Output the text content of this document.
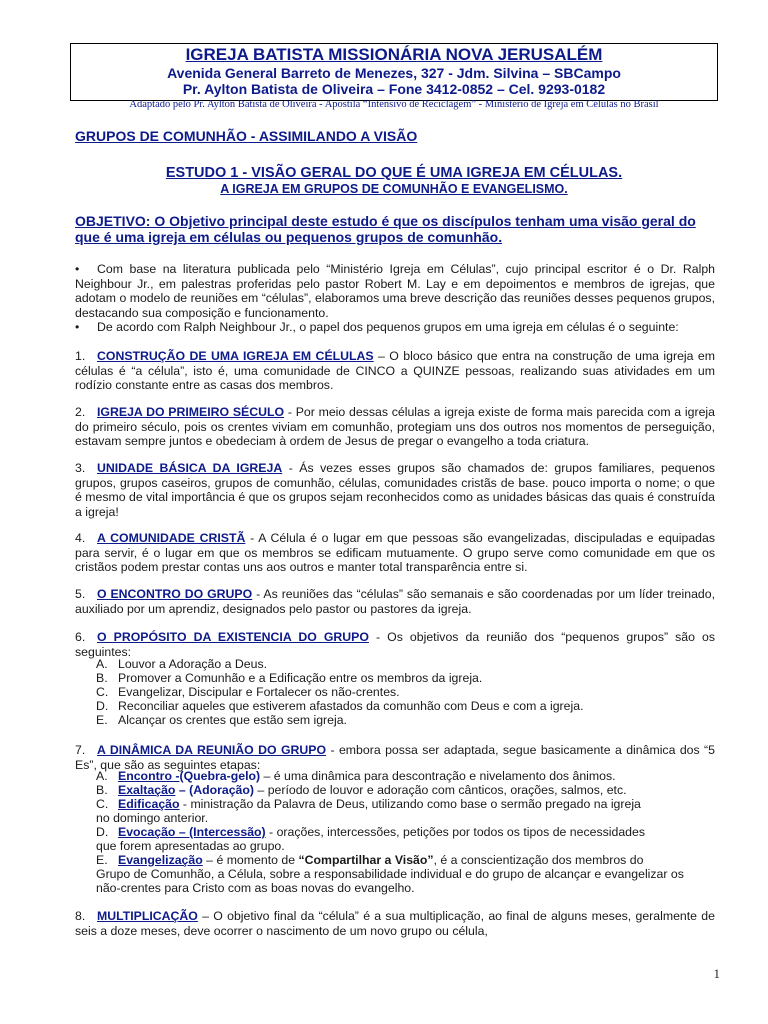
IGREJA BATISTA MISSIONÁRIA NOVA JERUSALÉM
Avenida General Barreto de Menezes, 327 - Jdm. Silvina – SBCampo
Pr. Aylton Batista de Oliveira – Fone 3412-0852 – Cel. 9293-0182
Adaptado pelo Pr. Aylton Batista de Oliveira - Apostila “Intensivo de Reciclagem” - Ministério de Igreja em Células no Brasil
GRUPOS DE COMUNHÃO - ASSIMILANDO A VISÃO
ESTUDO 1 - VISÃO GERAL DO QUE É UMA IGREJA EM CÉLULAS.
A IGREJA EM GRUPOS DE COMUNHÃO E EVANGELISMO.
OBJETIVO: O Objetivo principal deste estudo é que os discípulos tenham uma visão geral do que é uma igreja em células ou pequenos grupos de comunhão.
• Com base na literatura publicada pelo “Ministério Igreja em Células”, cujo principal escritor é o Dr. Ralph Neighbour Jr., em palestras proferidas pelo pastor Robert M. Lay e em depoimentos e membros de igrejas, que adotam o modelo de reuniões em “células”, elaboramos uma breve descrição das reuniões desses pequenos grupos, destacando sua composição e funcionamento.
• De acordo com Ralph Neighbour Jr., o papel dos pequenos grupos em uma igreja em células é o seguinte:
1. CONSTRUÇÃO DE UMA IGREJA EM CÉLULAS – O bloco básico que entra na construção de uma igreja em células é “a célula”, isto é, uma comunidade de CINCO a QUINZE pessoas, realizando suas atividades em um rodízio constante entre as casas dos membros.
2. IGREJA DO PRIMEIRO SÉCULO - Por meio dessas células a igreja existe de forma mais parecida com a igreja do primeiro século, pois os crentes viviam em comunhão, protegiam uns dos outros nos momentos de perseguição, estavam sempre juntos e obedeciam à ordem de Jesus de pregar o evangelho a toda criatura.
3. UNIDADE BÁSICA DA IGREJA - Ás vezes esses grupos são chamados de: grupos familiares, pequenos grupos, grupos caseiros, grupos de comunhão, células, comunidades cristãs de base. pouco importa o nome; o que é mesmo de vital importância é que os grupos sejam reconhecidos como as unidades básicas das quais é construída a igreja!
4. A COMUNIDADE CRISTÃ - A Célula é o lugar em que pessoas são evangelizadas, discipuladas e equipadas para servir, é o lugar em que os membros se edificam mutuamente. O grupo serve como comunidade em que os cristãos podem prestar contas uns aos outros e manter total transparência entre si.
5. O ENCONTRO DO GRUPO - As reuniões das “células” são semanais e são coordenadas por um líder treinado, auxiliado por um aprendiz, designados pelo pastor ou pastores da igreja.
6. O PROPÓSITO DA EXISTENCIA DO GRUPO - Os objetivos da reunião dos “pequenos grupos” são os seguintes:
A. Louvor a Adoração a Deus.
B. Promover a Comunhão e a Edificação entre os membros da igreja.
C. Evangelizar, Discipular e Fortalecer os não-crentes.
D. Reconciliar aqueles que estiverem afastados da comunhão com Deus e com a igreja.
E. Alcançar os crentes que estão sem igreja.
7. A DINÂMICA DA REUNIÃO DO GRUPO - embora possa ser adaptada, segue basicamente a dinâmica dos “5 Es”, que são as seguintes etapas:
A. Encontro -(Quebra-gelo) – é uma dinâmica para descontração e nivelamento dos ânimos.
B. Exaltação – (Adoração) – período de louvor e adoração com cânticos, orações, salmos, etc.
C. Edificação - ministração da Palavra de Deus, utilizando como base o sermão pregado na igreja
no domingo anterior.
D. Evocação – (Intercessão) - orações, intercessões, petições por todos os tipos de necessidades
que forem apresentadas ao grupo.
E. Evangelização – é momento de “Compartilhar a Visão”, é a conscientização dos membros do
Grupo de Comunhão, a Célula, sobre a responsabilidade individual e do grupo de alcançar e evangelizar os
não-crentes para Cristo com as boas novas do evangelho.
8. MULTIPLICAÇÃO – O objetivo final da “célula” é a sua multiplicação, ao final de alguns meses, geralmente de seis a doze meses, deve ocorrer o nascimento de um novo grupo ou célula,
1
